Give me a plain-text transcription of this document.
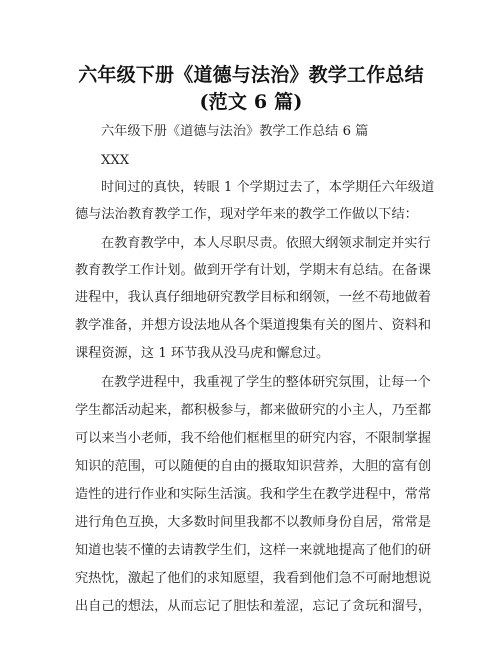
六年级下册《道德与法治》教学工作总结
(范文 6 篇)
六年级下册《道德与法治》教学工作总结 6 篇
XXX
时间过的真快，转眼 1 个学期过去了，本学期任六年级道
德与法治教育教学工作，现对学年来的教学工作做以下结：
在教育教学中，本人尽职尽责。依照大纲领求制定并实行
教育教学工作计划。做到开学有计划，学期末有总结。在备课
进程中，我认真仔细地研究教学目标和纲领，一丝不苟地做着
教学准备，并想方设法地从各个渠道搜集有关的图片、资料和
课程资源，这 1 环节我从没马虎和懈怠过。
在教学进程中，我重视了学生的整体研究氛围，让每一个
学生都活动起来，都积极参与，都来做研究的小主人，乃至都
可以来当小老师，我不给他们框框里的研究内容，不限制掌握
知识的范围，可以随便的自由的摄取知识营养，大胆的富有创
造性的进行作业和实际生活演。我和学生在教学进程中，常常
进行角色互换，大多数时间里我都不以教师身份自居，常常是
知道也装不懂的去请教学生们，这样一来就地提高了他们的研
究热忱，激起了他们的求知愿望，我看到他们急不可耐地想说
出自己的想法，从而忘记了胆怯和羞涩，忘记了贪玩和溜号，
